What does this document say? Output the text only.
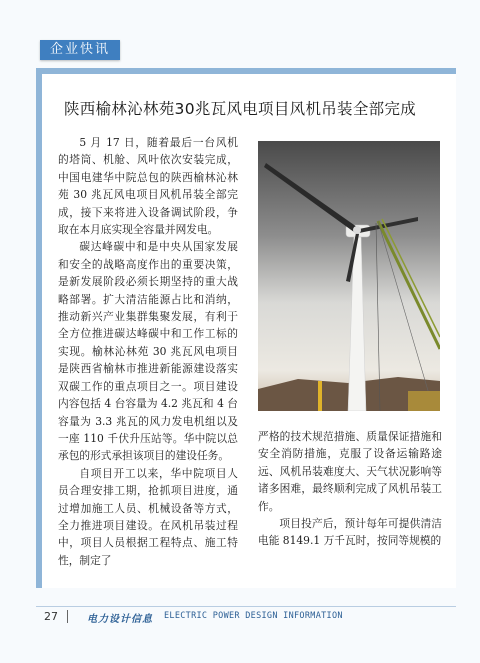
企业快讯
陕西榆林沁林苑30兆瓦风电项目风机吊装全部完成

5 月 17 日，随着最后一台风机的塔筒、机舱、风叶依次安装完成，中国电建华中院总包的陕西榆林沁林苑 30 兆瓦风电项目风机吊装全部完成，接下来将进入设备调试阶段，争取在本月底实现全容量并网发电。

碳达峰碳中和是中央从国家发展和安全的战略高度作出的重要决策，是新发展阶段必须长期坚持的重大战略部署。扩大清洁能源占比和消纳，推动新兴产业集群集聚发展，有利于全方位推进碳达峰碳中和工作工标的实现。榆林沁林苑 30 兆瓦风电项目是陕西省榆林市推进新能源建设落实双碳工作的重点项目之一。项目建设内容包括 4 台容量为 4.2 兆瓦和 4 台容量为 3.3 兆瓦的风力发电机组以及一座 110 千伏升压站等。华中院以总承包的形式承担该项目的建设任务。

自项目开工以来，华中院项目人员合理安排工期，抢抓项目进度，通过增加施工人员、机械设备等方式，全力推进项目建设。在风机吊装过程中，项目人员根据工程特点、施工特性，制定了

严格的技术规范措施、质量保证措施和安全消防措施，克服了设备运输路途远、风机吊装难度大、天气状况影响等诸多困难，最终顺利完成了风机吊装工作。

项目投产后，预计每年可提供清洁电能 8149.1 万千瓦时，按同等规模的

27	电力设计信息 ELECTRIC POWER DESIGN INFORMATION
